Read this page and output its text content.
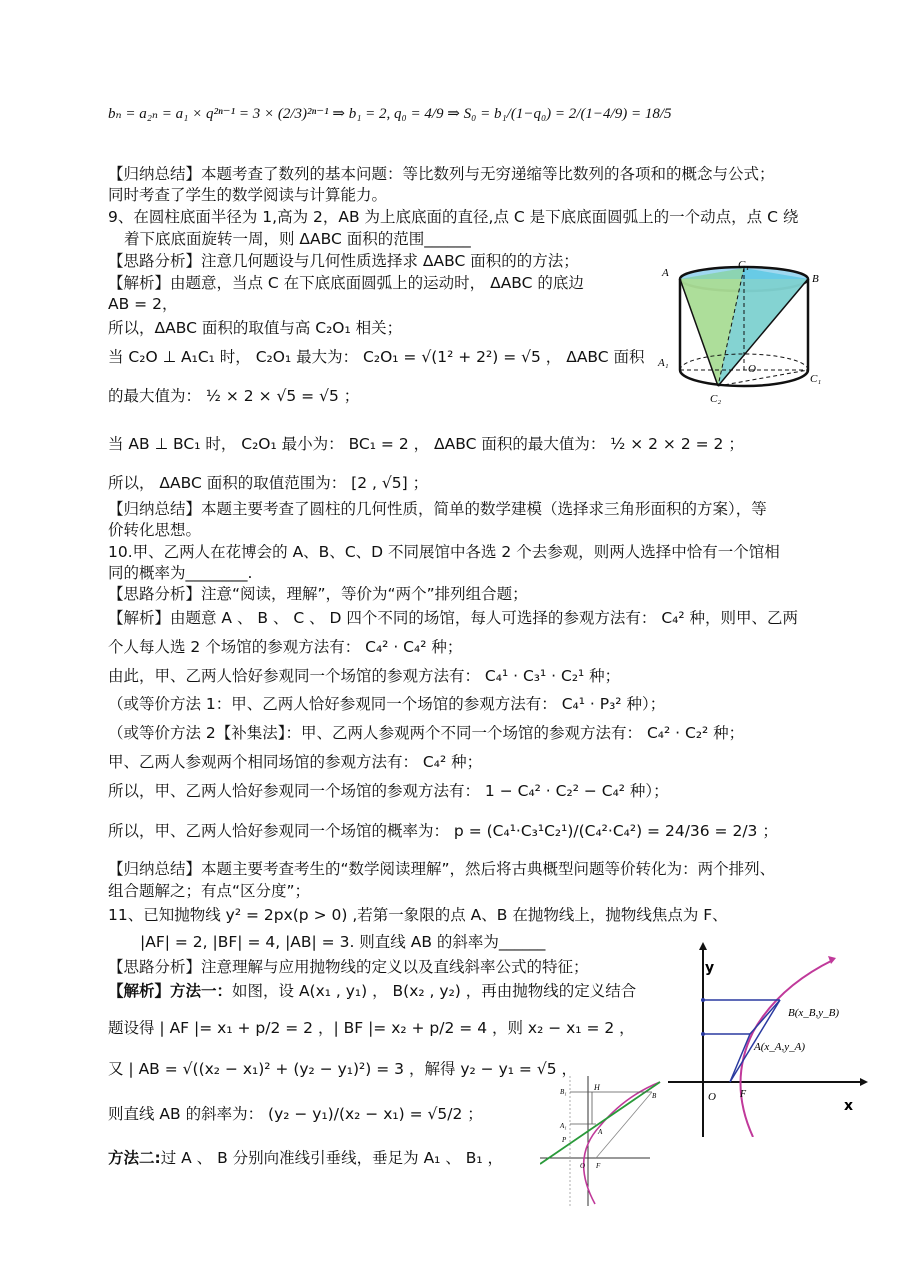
bₙ = a₂ₙ = a₁ × q²ⁿ⁻¹ = 3 × (2/3)²ⁿ⁻¹ ⇒ b₁ = 2, q₀ = 4/9 ⇒ S₀ = b₁/(1−q₀) = 2/(1−4/9) = 18/5
【归纳总结】本题考查了数列的基本问题：等比数列与无穷递缩等比数列的各项和的概念与公式；
同时考查了学生的数学阅读与计算能力。
9、在圆柱底面半径为 1,高为 2，AB 为上底底面的直径,点 C 是下底底面圆弧上的一个动点，点 C 绕
着下底底面旋转一周，则 ΔABC 面积的范围______
【思路分析】注意几何题设与几何性质选择求 ΔABC 面积的的方法；
【解析】由题意，当点 C 在下底底面圆弧上的运动时， ΔABC 的底边
AB = 2，
所以，ΔABC 面积的取值与高 C₂O₁ 相关；
当 C₂O ⊥ A₁C₁ 时， C₂O₁ 最大为： C₂O₁ = √(1² + 2²) = √5 ， ΔABC 面积
的最大值为： ½ × 2 × √5 = √5 ；
当 AB ⊥ BC₁ 时， C₂O₁ 最小为： BC₁ = 2 ， ΔABC 面积的最大值为： ½ × 2 × 2 = 2 ；
所以， ΔABC 面积的取值范围为： [2 , √5] ；
【归纳总结】本题主要考查了圆柱的几何性质，简单的数学建模（选择求三角形面积的方案），等
价转化思想。
10.甲、乙两人在花博会的 A、B、C、D 不同展馆中各选 2 个去参观，则两人选择中恰有一个馆相
同的概率为________.
【思路分析】注意“阅读，理解”，等价为“两个”排列组合题；
【解析】由题意 A 、 B 、 C 、 D 四个不同的场馆，每人可选择的参观方法有： C₄² 种，则甲、乙两
个人每人选 2 个场馆的参观方法有： C₄² · C₄² 种；
由此，甲、乙两人恰好参观同一个场馆的参观方法有： C₄¹ · C₃¹ · C₂¹ 种；
（或等价方法 1：甲、乙两人恰好参观同一个场馆的参观方法有： C₄¹ · P₃² 种）；
（或等价方法 2【补集法】：甲、乙两人参观两个不同一个场馆的参观方法有： C₄² · C₂² 种；
甲、乙两人参观两个相同场馆的参观方法有： C₄² 种；
所以，甲、乙两人恰好参观同一个场馆的参观方法有： 1 − C₄² · C₂² − C₄² 种）；
所以，甲、乙两人恰好参观同一个场馆的概率为： p = (C₄¹·C₃¹C₂¹)/(C₄²·C₄²) = 24/36 = 2/3 ；
【归纳总结】本题主要考查考生的“数学阅读理解”，然后将古典概型问题等价转化为：两个排列、
组合题解之；有点“区分度”；
11、已知抛物线 y² = 2px(p > 0) ,若第一象限的点 A、B 在抛物线上，抛物线焦点为 F、
|AF| = 2, |BF| = 4, |AB| = 3. 则直线 AB 的斜率为______
【思路分析】注意理解与应用抛物线的定义以及直线斜率公式的特征；
【解析】方法一：如图，设 A(x₁ , y₁) ， B(x₂ , y₂) ，再由抛物线的定义结合
题设得 | AF |= x₁ + p/2 = 2 ，| BF |= x₂ + p/2 = 4 ，则 x₂ − x₁ = 2 ，
又 | AB = √((x₂ − x₁)² + (y₂ − y₁)²) = 3 ，解得 y₂ − y₁ = √5 ，
则直线 AB 的斜率为： (y₂ − y₁)/(x₂ − x₁) = √5/2 ；
方法二:过 A 、 B 分别向准线引垂线，垂足为 A₁ 、 B₁ ，
A	B
C₁
A₁
C₁
O
C₂
y
x
O F
B(x_B,y_B)
A(x_A,y_A)
B₁	H
A₁
P
A
B
O F
